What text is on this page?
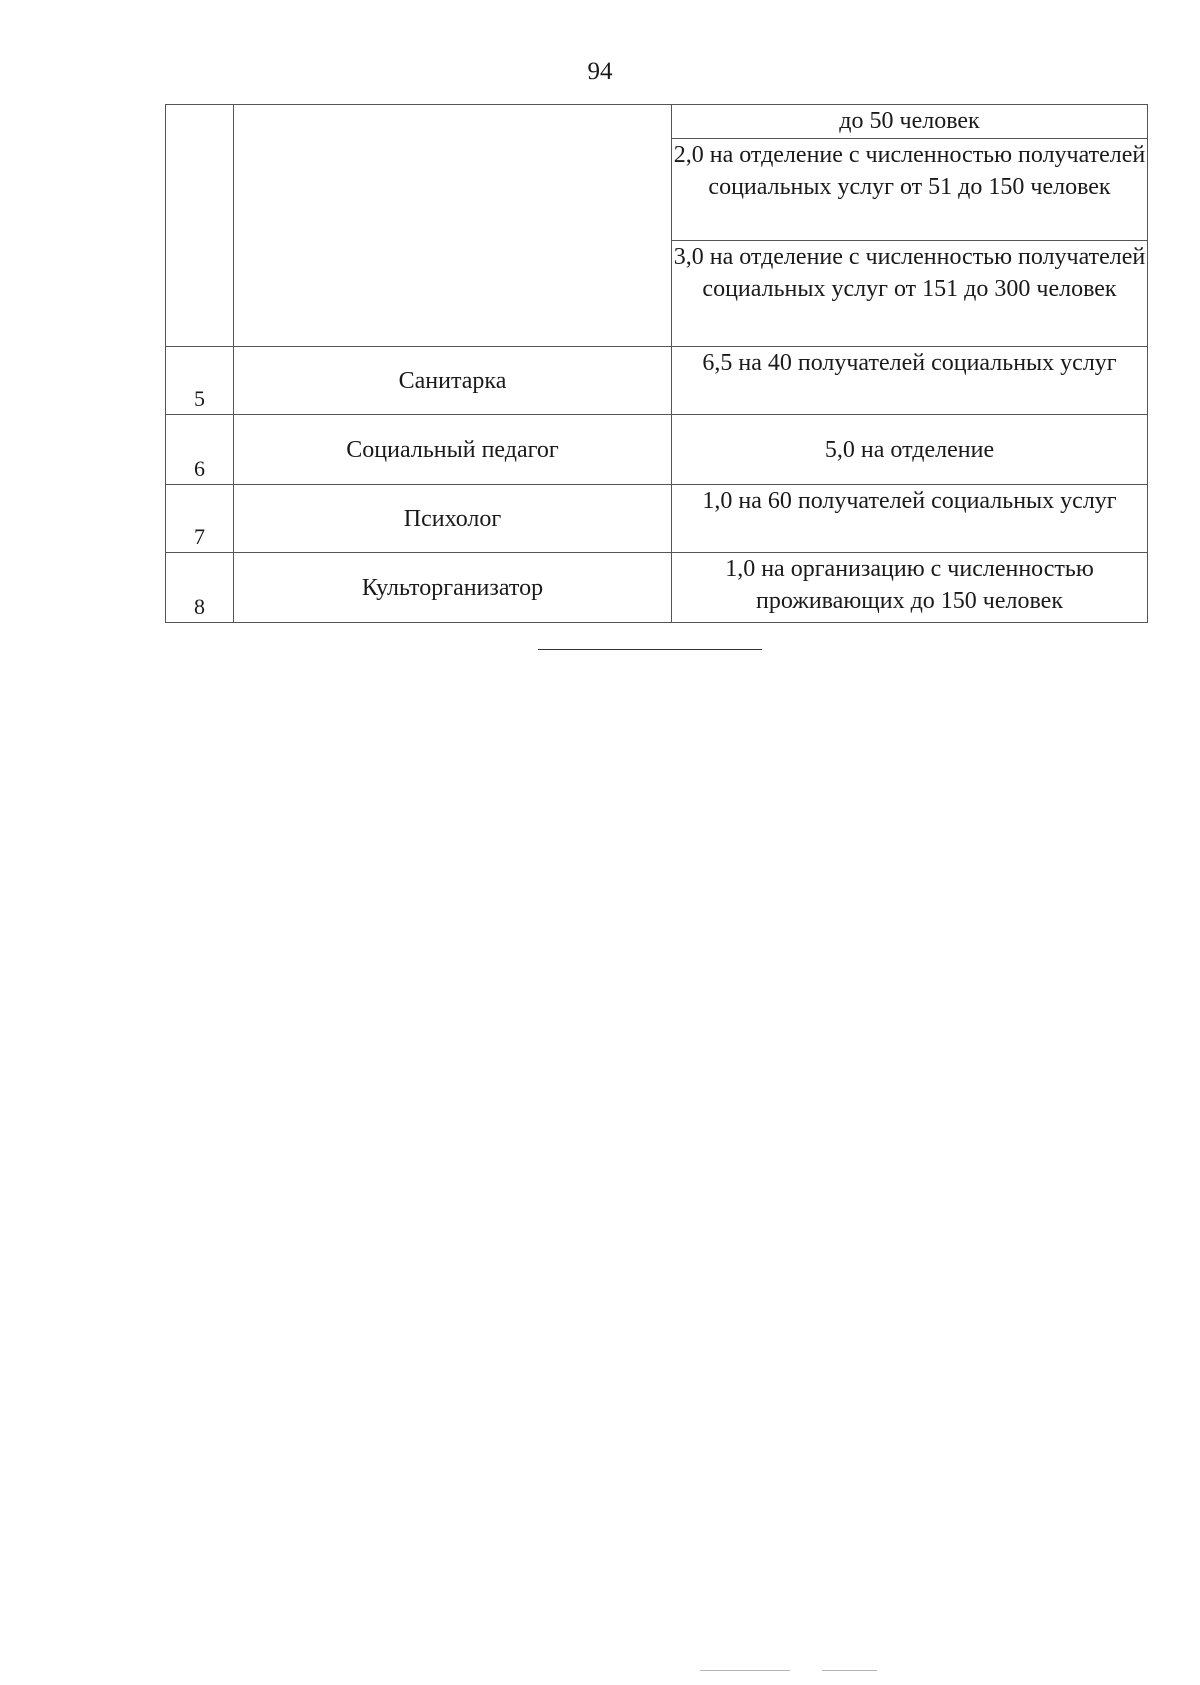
94
		до 50 человек
		2,0 на отделение с численностью получателей социальных услуг от 51 до 150 человек
		3,0 на отделение с численностью получателей социальных услуг от 151 до 300 человек
5	Санитарка	6,5 на 40 получателей социальных услуг
6	Социальный педагог	5,0 на отделение
7	Психолог	1,0 на 60 получателей социальных услуг
8	Культорганизатор	1,0 на организацию с численностью проживающих до 150 человек
